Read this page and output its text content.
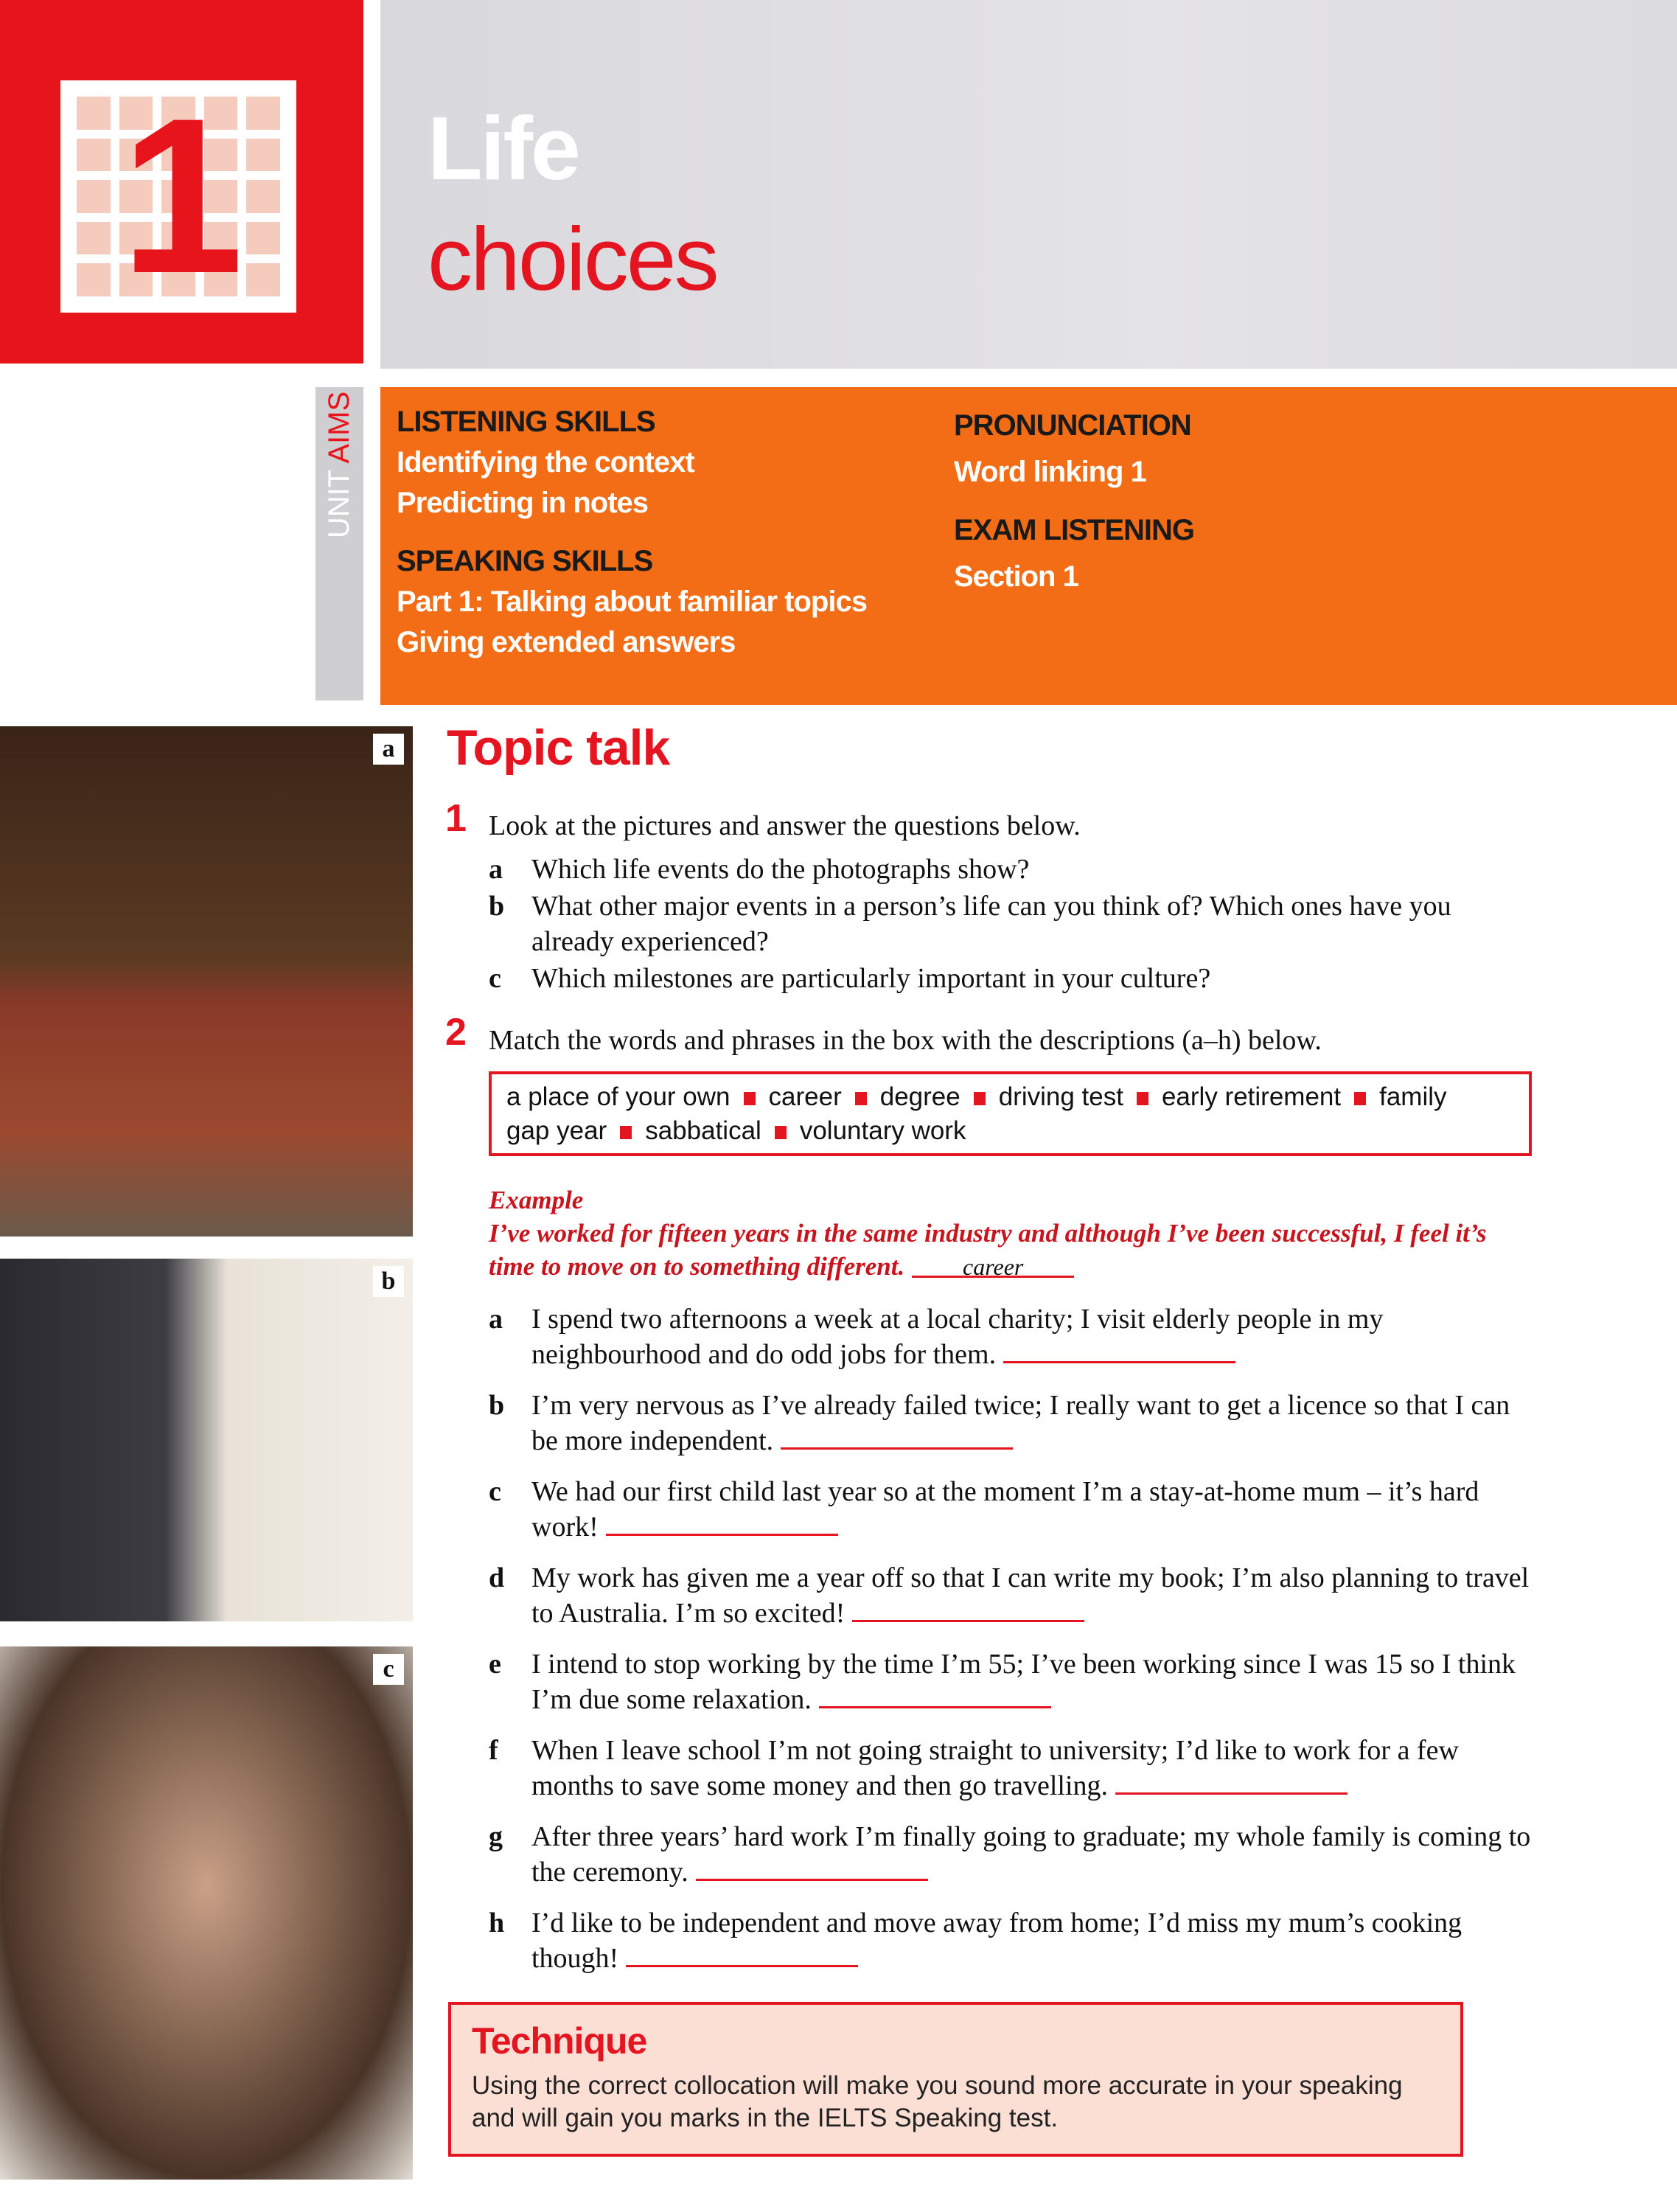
1	Life
choices
UNIT AIMS LISTENING SKILLS
Identifying the context
Predicting in notes
SPEAKING SKILLS
Part 1: Talking about familiar topics
Giving extended answers
PRONUNCIATION
Word linking 1
EXAM LISTENING
Section 1
a
b
c
Topic talk
1 Look at the pictures and answer the questions below.
a	Which life events do the photographs show?
b What other major events in a person’s life can you think of? Which ones have you already experienced?
c	Which milestones are particularly important in your culture?
2 Match the words and phrases in the box with the descriptions (a–h) below.
a place of your own career degree driving test early retirement family
gap year sabbatical voluntary work
Example
I’ve worked for fifteen years in the same industry and although I’ve been successful, I feel it’s time to move on to something different. career
a	I spend two afternoons a week at a local charity; I visit elderly people in my neighbourhood and do odd jobs for them.
b I’m very nervous as I’ve already failed twice; I really want to get a licence so that I can be more independent.
c	We had our first child last year so at the moment I’m a stay-at-home mum – it’s hard work!
d My work has given me a year off so that I can write my book; I’m also planning to travel to Australia. I’m so excited!
e	I intend to stop working by the time I’m 55; I’ve been working since I was 15 so I think I’m due some relaxation.
f	When I leave school I’m not going straight to university; I’d like to work for a few months to save some money and then go travelling.
g	After three years’ hard work I’m finally going to graduate; my whole family is coming to the ceremony.
h I’d like to be independent and move away from home; I’d miss my mum’s cooking though!
Technique
Using the correct collocation will make you sound more accurate in your speaking and will gain you marks in the IELTS Speaking test.
